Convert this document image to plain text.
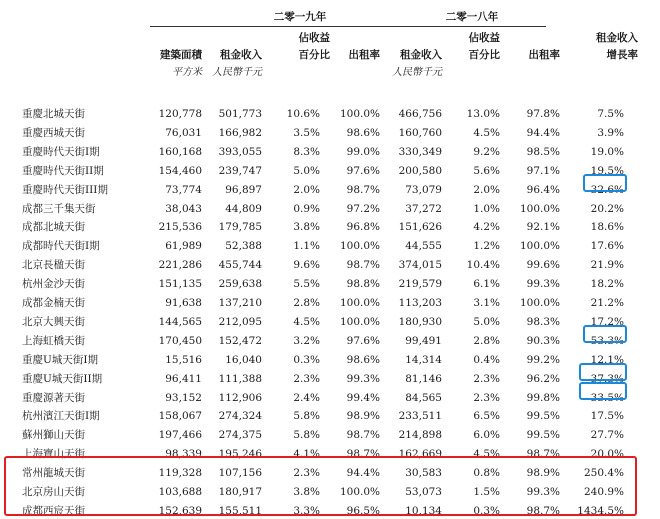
二零一九年	二零一八年
佔收益	佔收益	租金收入
建築面積	租金收入	百分比	出租率	租金收入	百分比	出租率	增長率
平方米	人民幣千元	人民幣千元
重慶北城天街	120,778	501,773	10.6%	100.0%	466,756	13.0%	97.8%	7.5%
重慶西城天街	76,031	166,982	3.5%	98.6%	160,760	4.5%	94.4%	3.9%
重慶時代天街I期	160,168	393,055	8.3%	99.0%	330,349	9.2%	98.5%	19.0%
重慶時代天街II期	154,460	239,747	5.0%	97.6%	200,580	5.6%	97.1%	19.5%
重慶時代天街III期	73,774	96,897	2.0%	98.7%	73,079	2.0%	96.4%	32.6%
成都三千集天街	38,043	44,809	0.9%	97.2%	37,272	1.0%	100.0%	20.2%
成都北城天街	215,536	179,785	3.8%	96.8%	151,626	4.2%	92.1%	18.6%
成都時代天街I期	61,989	52,388	1.1%	100.0%	44,555	1.2%	100.0%	17.6%
北京長楹天街	221,286	455,744	9.6%	98.7%	374,015	10.4%	99.6%	21.9%
杭州金沙天街	151,135	259,638	5.5%	98.8%	219,579	6.1%	99.3%	18.2%
成都金楠天街	91,638	137,210	2.8%	100.0%	113,203	3.1%	100.0%	21.2%
北京大興天街	144,565	212,095	4.5%	100.0%	180,930	5.0%	98.3%	17.2%
上海虹橋天街	170,450	152,472	3.2%	97.6%	99,491	2.8%	90.3%	53.3%
重慶U城天街I期	15,516	16,040	0.3%	98.6%	14,314	0.4%	99.2%	12.1%
重慶U城天街II期	96,411	111,388	2.3%	99.3%	81,146	2.3%	96.2%	37.3%
重慶源著天街	93,152	112,906	2.4%	99.4%	84,565	2.3%	99.8%	33.5%
杭州濱江天街I期	158,067	274,324	5.8%	98.9%	233,511	6.5%	99.5%	17.5%
蘇州獅山天街	197,466	274,375	5.8%	98.7%	214,898	6.0%	99.5%	27.7%
上海寶山天街	98,339	195,246	4.1%	98.7%	162,669	4.5%	98.7%	20.0%
常州龍城天街	119,328	107,156	2.3%	94.4%	30,583	0.8%	98.9%	250.4%
北京房山天街	103,688	180,917	3.8%	100.0%	53,073	1.5%	99.3%	240.9%
成都西宸天街	152,639	155,511	3.3%	96.5%	10,134	0.3%	98.7%	1434.5%
